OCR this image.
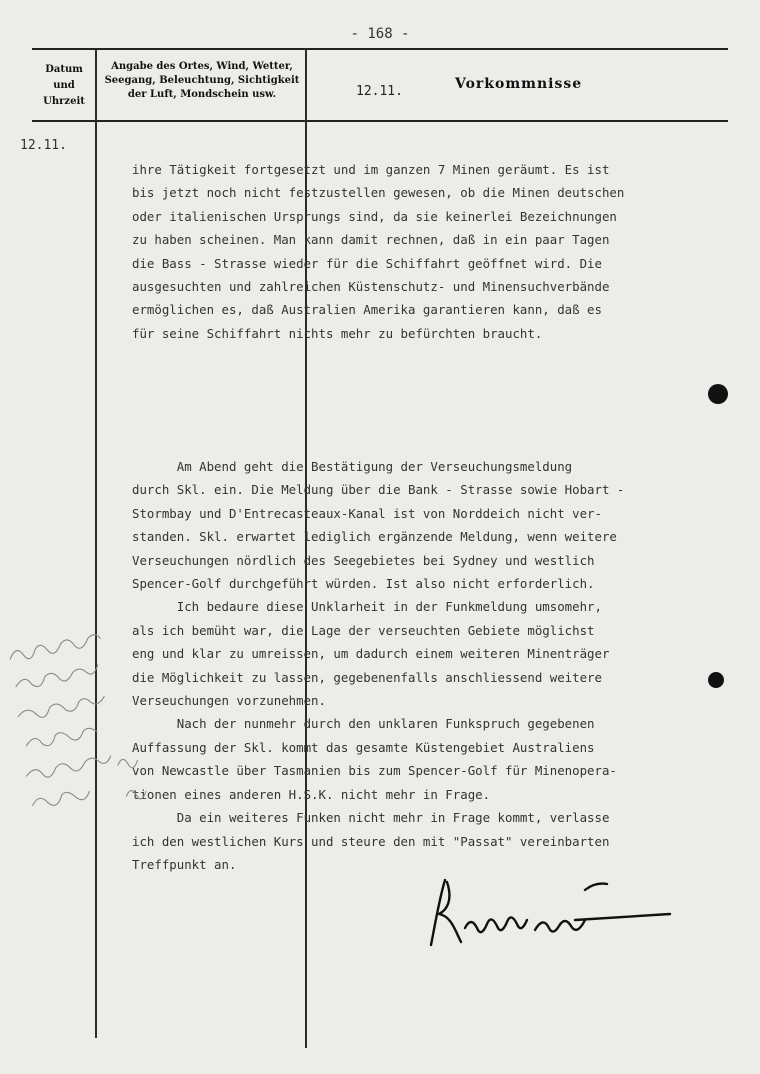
- 168 -
Datum
und
Uhrzeit
Angabe des Ortes, Wind, Wetter,
Seegang, Beleuchtung, Sichtigkeit
der Luft, Mondschein usw.	12.11.	Vorkommnisse
12.11.
ihre Tätigkeit fortgesetzt und im ganzen 7 Minen geräumt. Es ist
bis jetzt noch nicht festzustellen gewesen, ob die Minen deutschen
oder italienischen Ursprungs sind, da sie keinerlei Bezeichnungen
zu haben scheinen. Man kann damit rechnen, daß in ein paar Tagen
die Bass - Strasse wieder für die Schiffahrt geöffnet wird. Die
ausgesuchten und zahlreichen Küstenschutz- und Minensuchverbände
ermöglichen es, daß Australien Amerika garantieren kann, daß es
für seine Schiffahrt nichts mehr zu befürchten braucht.
Am Abend geht die Bestätigung der Verseuchungsmeldung
durch Skl. ein. Die Meldung über die Bank - Strasse sowie Hobart -
Stormbay und D'Entrecasteaux-Kanal ist von Norddeich nicht ver-
standen. Skl. erwartet lediglich ergänzende Meldung, wenn weitere
Verseuchungen nördlich des Seegebietes bei Sydney und westlich
Spencer-Golf durchgeführt würden. Ist also nicht erforderlich.
Ich bedaure diese Unklarheit in der Funkmeldung umsomehr,
als ich bemüht war, die Lage der verseuchten Gebiete möglichst
eng und klar zu umreissen, um dadurch einem weiteren Minenträger
die Möglichkeit zu lassen, gegebenenfalls anschliessend weitere
Verseuchungen vorzunehmen.
Nach der nunmehr durch den unklaren Funkspruch gegebenen
Auffassung der Skl. kommt das gesamte Küstengebiet Australiens
von Newcastle über Tasmanien bis zum Spencer-Golf für Minenopera-
tionen eines anderen H.S.K. nicht mehr in Frage.
Da ein weiteres Funken nicht mehr in Frage kommt, verlasse
ich den westlichen Kurs und steure den mit "Passat" vereinbarten
Treffpunkt an.
